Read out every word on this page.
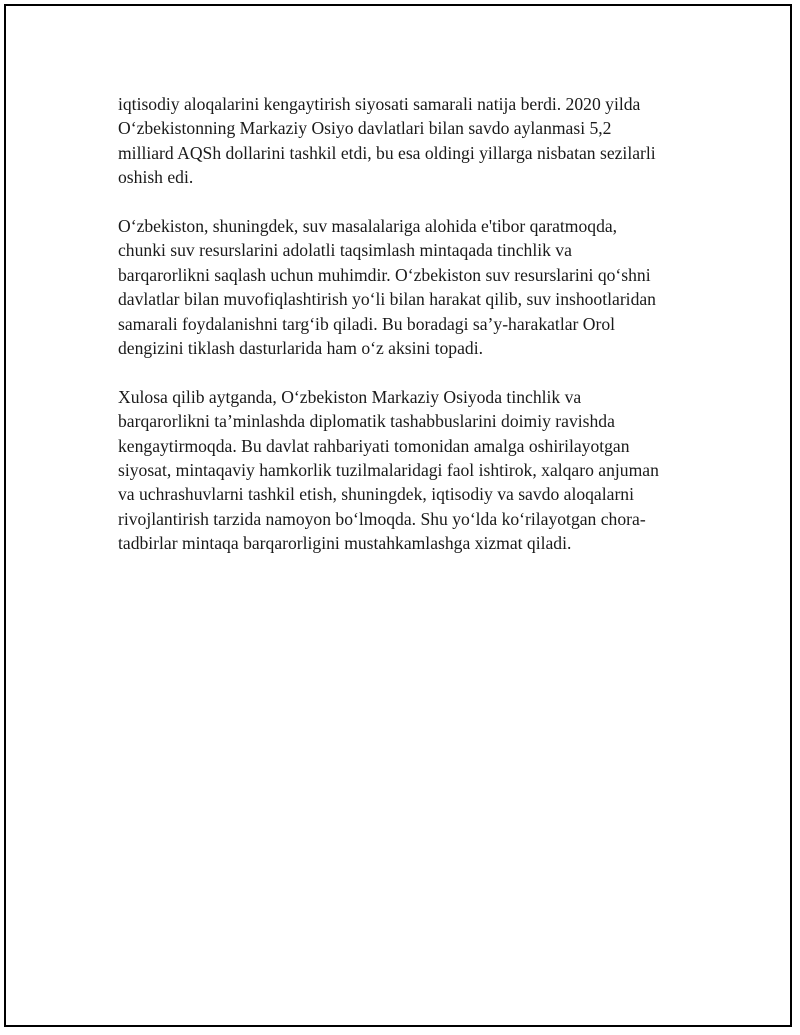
iqtisodiy aloqalarini kengaytirish siyosati samarali natija berdi. 2020 yilda
O‘zbekistonning Markaziy Osiyo davlatlari bilan savdo aylanmasi 5,2
milliard AQSh dollarini tashkil etdi, bu esa oldingi yillarga nisbatan sezilarli
oshish edi.

O‘zbekiston, shuningdek, suv masalalariga alohida e'tibor qaratmoqda,
chunki suv resurslarini adolatli taqsimlash mintaqada tinchlik va
barqarorlikni saqlash uchun muhimdir. O‘zbekiston suv resurslarini qo‘shni
davlatlar bilan muvofiqlashtirish yo‘li bilan harakat qilib, suv inshootlaridan
samarali foydalanishni targ‘ib qiladi. Bu boradagi sa’y-harakatlar Orol
dengizini tiklash dasturlarida ham o‘z aksini topadi.

Xulosa qilib aytganda, O‘zbekiston Markaziy Osiyoda tinchlik va
barqarorlikni ta’minlashda diplomatik tashabbuslarini doimiy ravishda
kengaytirmoqda. Bu davlat rahbariyati tomonidan amalga oshirilayotgan
siyosat, mintaqaviy hamkorlik tuzilmalaridagi faol ishtirok, xalqaro anjuman
va uchrashuvlarni tashkil etish, shuningdek, iqtisodiy va savdo aloqalarni
rivojlantirish tarzida namoyon bo‘lmoqda. Shu yo‘lda ko‘rilayotgan chora-
tadbirlar mintaqa barqarorligini mustahkamlashga xizmat qiladi.
